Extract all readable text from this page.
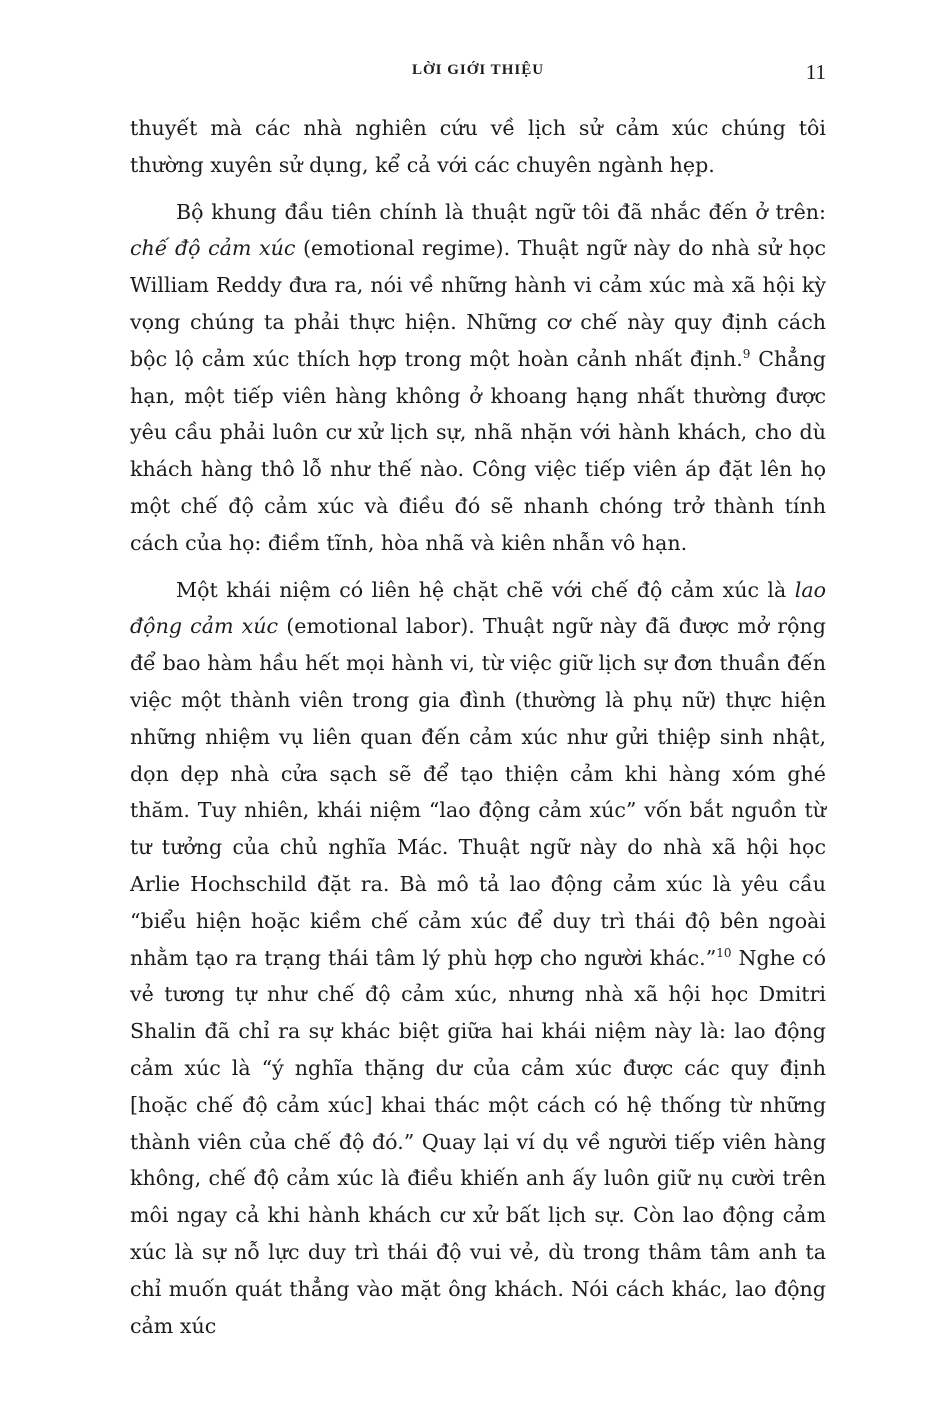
LỜI GIỚI THIỆU	11

thuyết mà các nhà nghiên cứu về lịch sử cảm xúc chúng tôi thường xuyên sử dụng, kể cả với các chuyên ngành hẹp.

Bộ khung đầu tiên chính là thuật ngữ tôi đã nhắc đến ở trên: chế độ cảm xúc (emotional regime). Thuật ngữ này do nhà sử học William Reddy đưa ra, nói về những hành vi cảm xúc mà xã hội kỳ vọng chúng ta phải thực hiện. Những cơ chế này quy định cách bộc lộ cảm xúc thích hợp trong một hoàn cảnh nhất định.$^9$ Chẳng hạn, một tiếp viên hàng không ở khoang hạng nhất thường được yêu cầu phải luôn cư xử lịch sự, nhã nhặn với hành khách, cho dù khách hàng thô lỗ như thế nào. Công việc tiếp viên áp đặt lên họ một chế độ cảm xúc và điều đó sẽ nhanh chóng trở thành tính cách của họ: điềm tĩnh, hòa nhã và kiên nhẫn vô hạn.

Một khái niệm có liên hệ chặt chẽ với chế độ cảm xúc là lao động cảm xúc (emotional labor). Thuật ngữ này đã được mở rộng để bao hàm hầu hết mọi hành vi, từ việc giữ lịch sự đơn thuần đến việc một thành viên trong gia đình (thường là phụ nữ) thực hiện những nhiệm vụ liên quan đến cảm xúc như gửi thiệp sinh nhật, dọn dẹp nhà cửa sạch sẽ để tạo thiện cảm khi hàng xóm ghé thăm. Tuy nhiên, khái niệm “lao động cảm xúc” vốn bắt nguồn từ tư tưởng của chủ nghĩa Mác. Thuật ngữ này do nhà xã hội học Arlie Hochschild đặt ra. Bà mô tả lao động cảm xúc là yêu cầu “biểu hiện hoặc kiềm chế cảm xúc để duy trì thái độ bên ngoài nhằm tạo ra trạng thái tâm lý phù hợp cho người khác.”$^{10}$ Nghe có vẻ tương tự như chế độ cảm xúc, nhưng nhà xã hội học Dmitri Shalin đã chỉ ra sự khác biệt giữa hai khái niệm này là: lao động cảm xúc là “ý nghĩa thặng dư của cảm xúc được các quy định [hoặc chế độ cảm xúc] khai thác một cách có hệ thống từ những thành viên của chế độ đó.” Quay lại ví dụ về người tiếp viên hàng không, chế độ cảm xúc là điều khiến anh ấy luôn giữ nụ cười trên môi ngay cả khi hành khách cư xử bất lịch sự. Còn lao động cảm xúc là sự nỗ lực duy trì thái độ vui vẻ, dù trong thâm tâm anh ta chỉ muốn quát thẳng vào mặt ông khách. Nói cách khác, lao động cảm xúc
